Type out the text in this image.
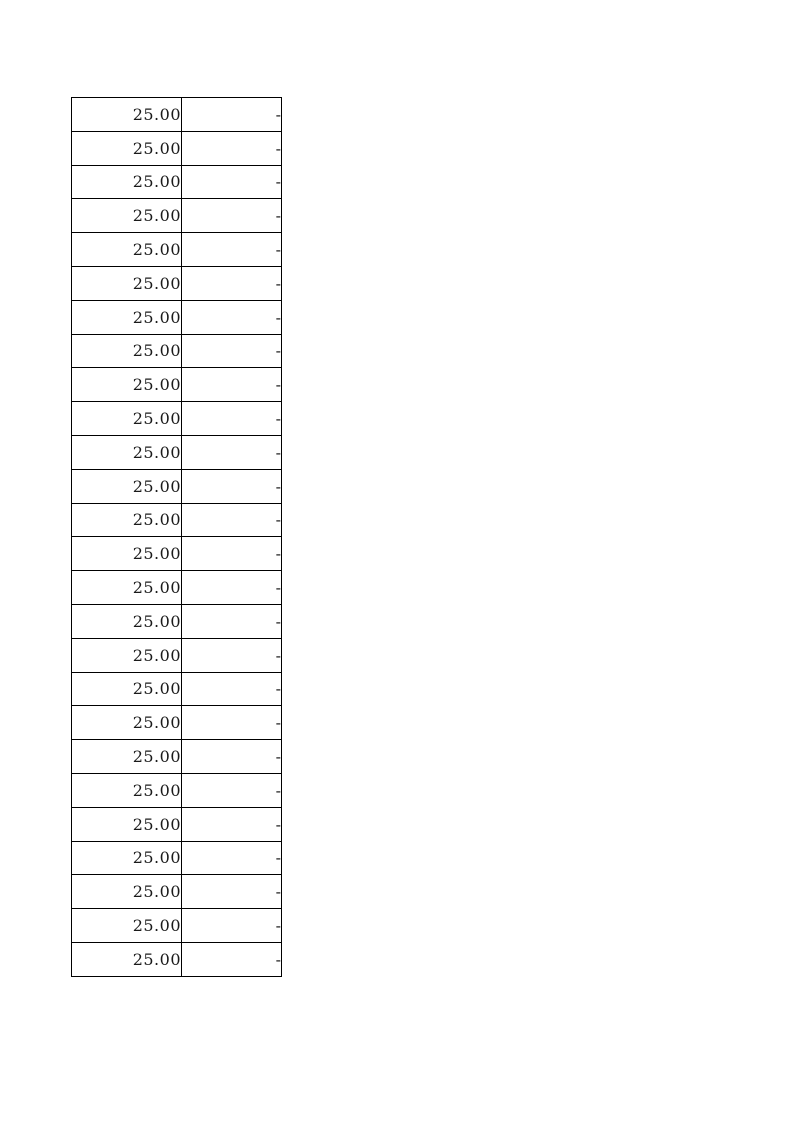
25.00	-
25.00	-
25.00	-
25.00	-
25.00	-
25.00	-
25.00	-
25.00	-
25.00	-
25.00	-
25.00	-
25.00	-
25.00	-
25.00	-
25.00	-
25.00	-
25.00	-
25.00	-
25.00	-
25.00	-
25.00	-
25.00	-
25.00	-
25.00	-
25.00	-
25.00	-
